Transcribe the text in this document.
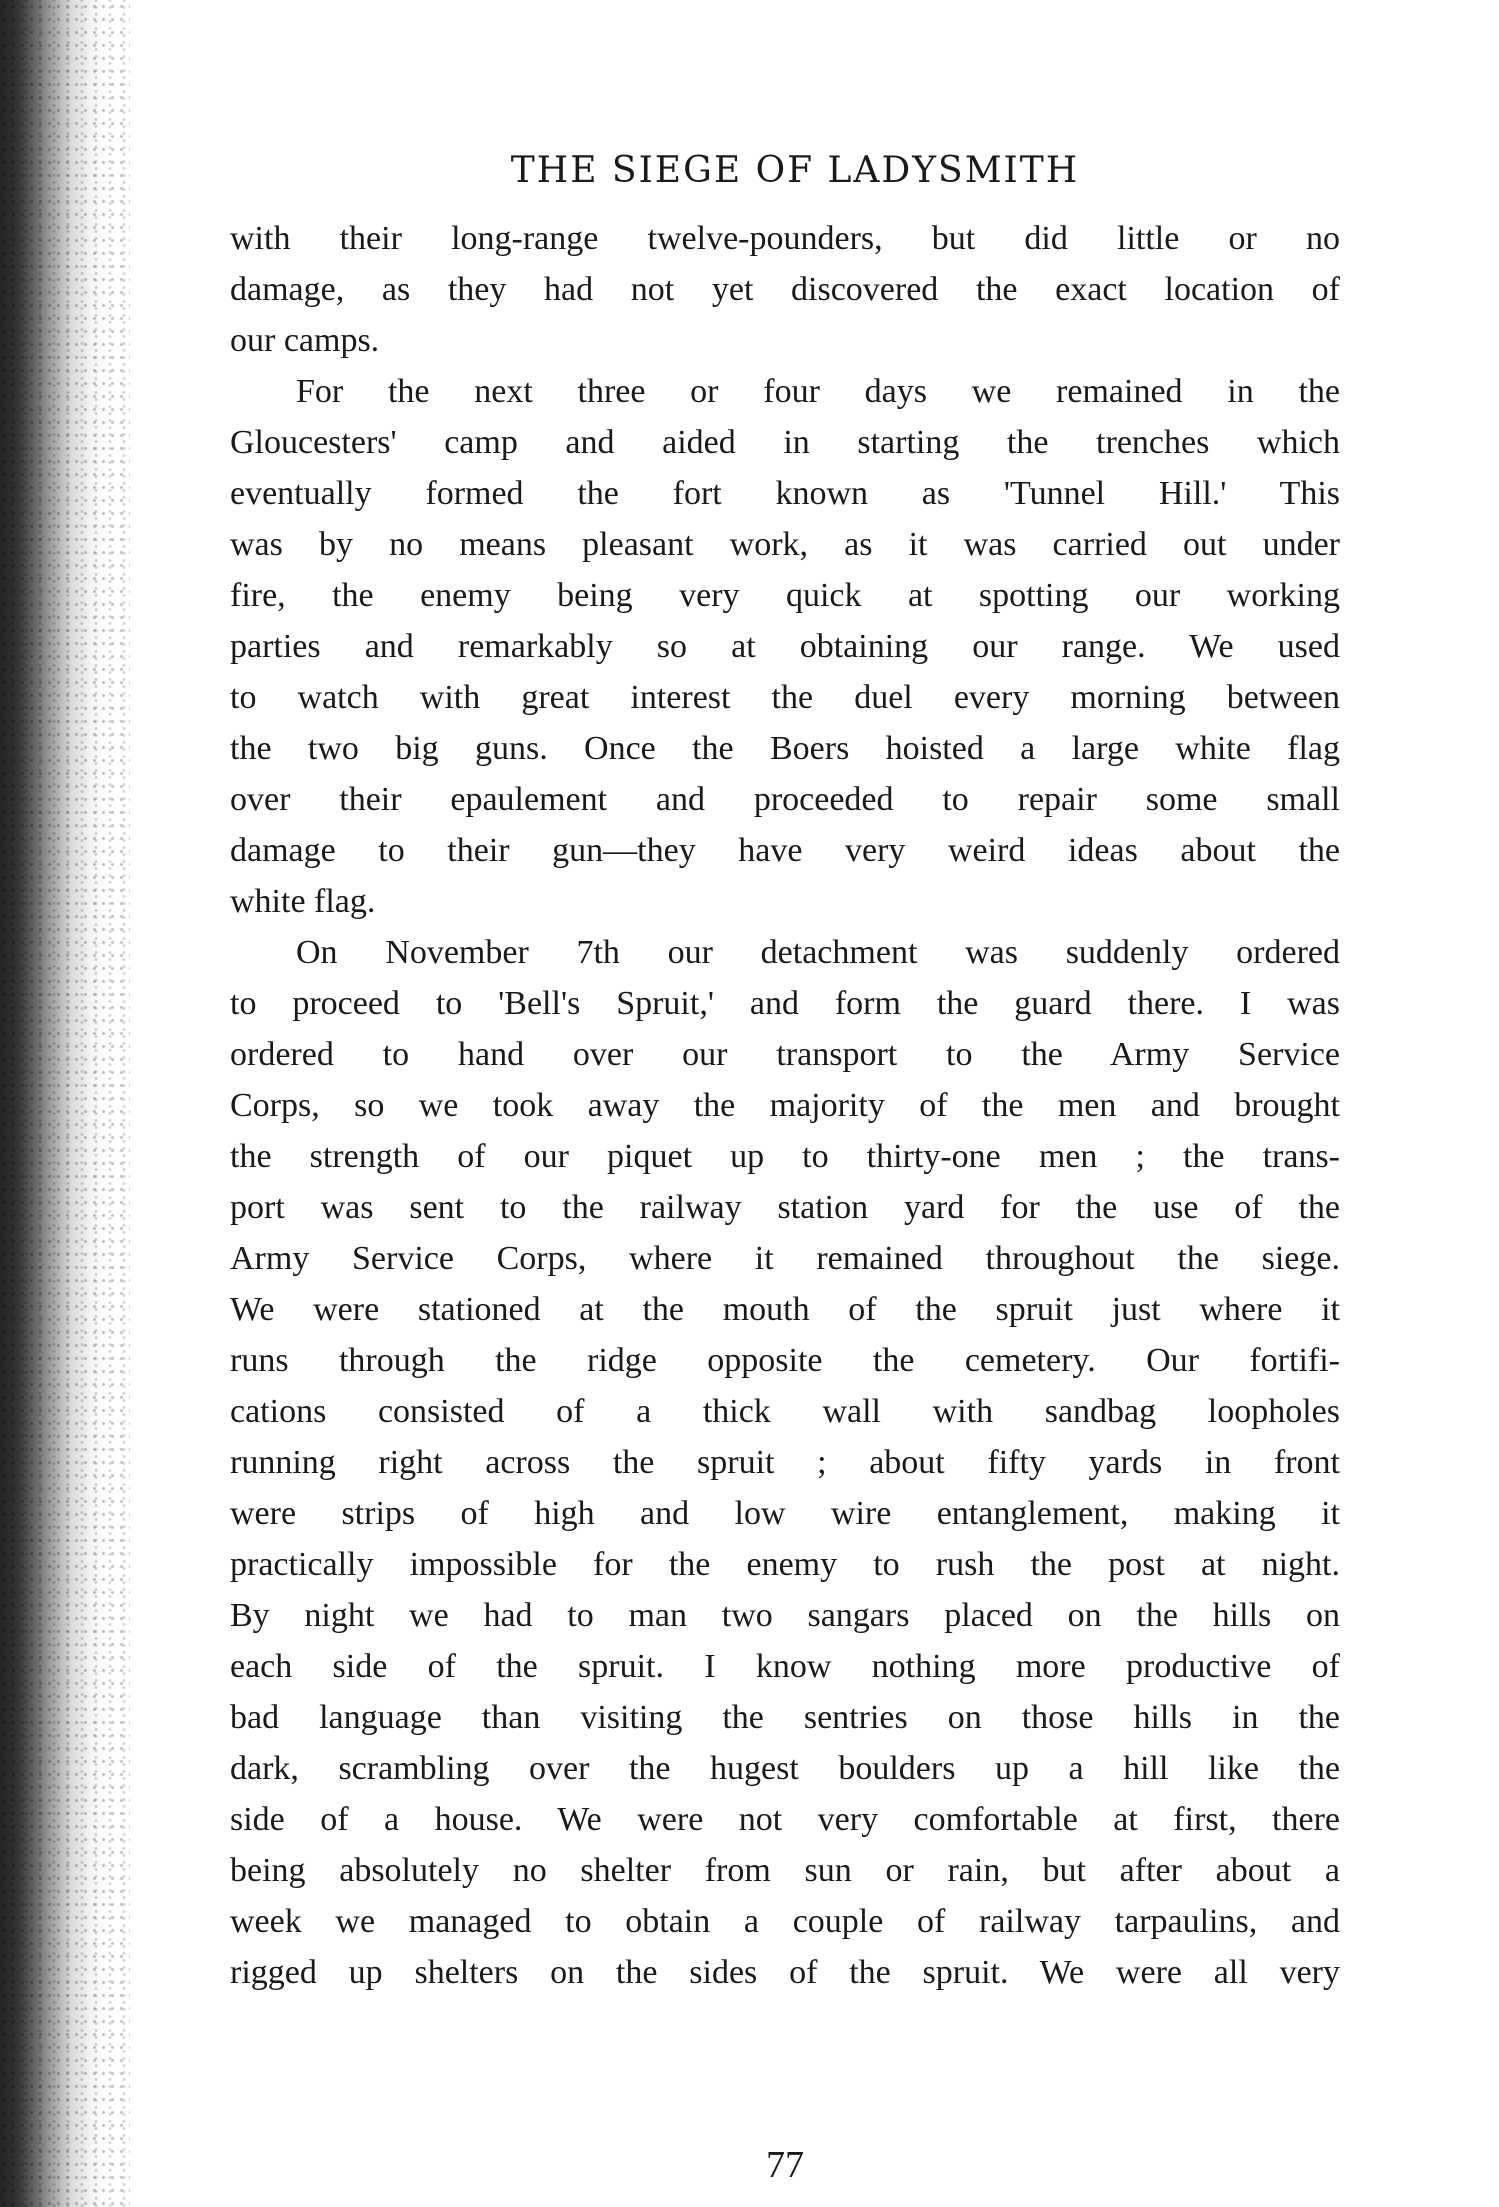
THE SIEGE OF LADYSMITH
with their long-range twelve-pounders, but did little or no
damage, as they had not yet discovered the exact location of
our camps.
For the next three or four days we remained in the
Gloucesters' camp and aided in starting the trenches which
eventually formed the fort known as 'Tunnel Hill.' This
was by no means pleasant work, as it was carried out under
fire, the enemy being very quick at spotting our working
parties and remarkably so at obtaining our range. We used
to watch with great interest the duel every morning between
the two big guns. Once the Boers hoisted a large white flag
over their epaulement and proceeded to repair some small
damage to their gun—they have very weird ideas about the
white flag.
On November 7th our detachment was suddenly ordered
to proceed to 'Bell's Spruit,' and form the guard there. I was
ordered to hand over our transport to the Army Service
Corps, so we took away the majority of the men and brought
the strength of our piquet up to thirty-one men ; the trans-
port was sent to the railway station yard for the use of the
Army Service Corps, where it remained throughout the siege.
We were stationed at the mouth of the spruit just where it
runs through the ridge opposite the cemetery. Our fortifi-
cations consisted of a thick wall with sandbag loopholes
running right across the spruit ; about fifty yards in front
were strips of high and low wire entanglement, making it
practically impossible for the enemy to rush the post at night.
By night we had to man two sangars placed on the hills on
each side of the spruit. I know nothing more productive of
bad language than visiting the sentries on those hills in the
dark, scrambling over the hugest boulders up a hill like the
side of a house. We were not very comfortable at first, there
being absolutely no shelter from sun or rain, but after about a
week we managed to obtain a couple of railway tarpaulins, and
rigged up shelters on the sides of the spruit. We were all very
77
